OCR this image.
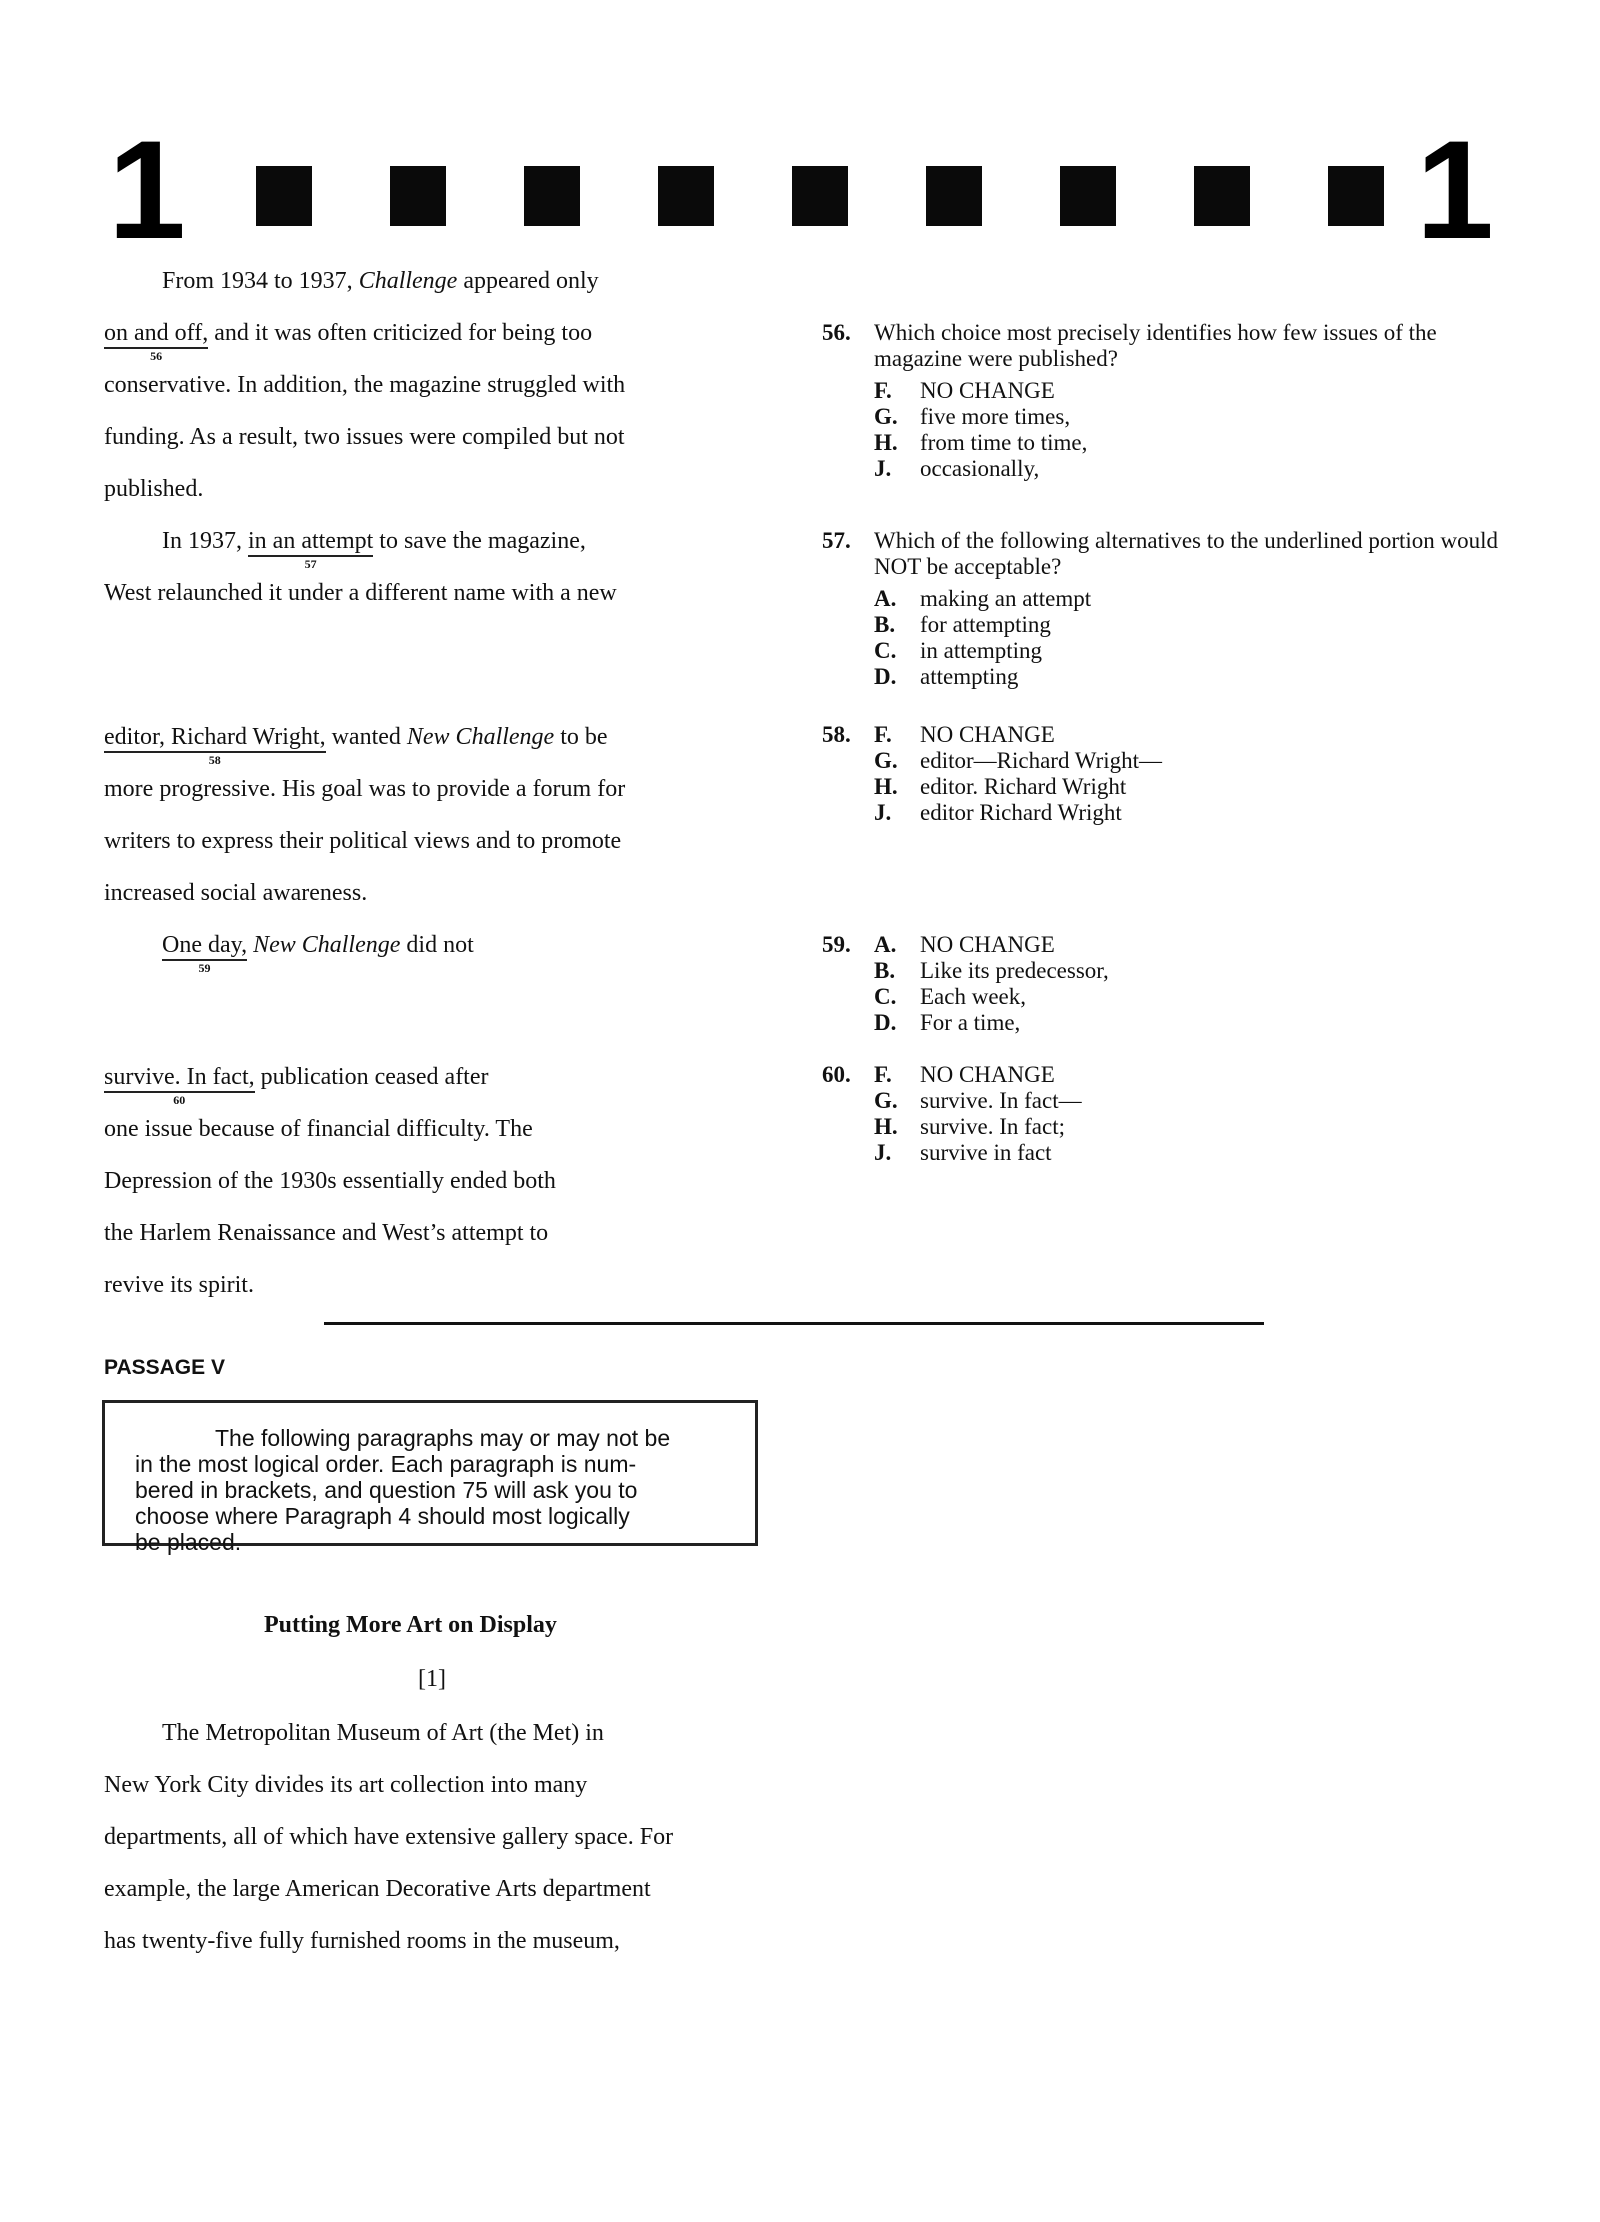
1	1
From 1934 to 1937, Challenge appeared only
on and off,
56
and it was often criticized for being too
conservative. In addition, the magazine struggled with
funding. As a result, two issues were compiled but not
published.
In 1937, in an attempt
57
to save the magazine,
West relaunched it under a different name with a new
editor, Richard Wright,
58
wanted New Challenge to be
more progressive. His goal was to provide a forum for
writers to express their political views and to promote
increased social awareness.
One day,
59
New Challenge did not
survive. In fact,
60
publication ceased after
one issue because of financial difficulty. The
Depression of the 1930s essentially ended both
the Harlem Renaissance and West’s attempt to
revive its spirit.
56. Which choice most precisely identifies how few issues of the magazine were published?
F.	NO CHANGE
G. five more times,
H. from time to time,
J.	occasionally,
57. Which of the following alternatives to the underlined portion would NOT be acceptable?
A.	making an attempt
B.	for attempting
C.	in attempting
D.	attempting
58. F.	NO CHANGE
G. editor—Richard Wright—
H. editor. Richard Wright
J.	editor Richard Wright
59. A.	NO CHANGE
B.	Like its predecessor,
C.	Each week,
D.	For a time,
60. F.	NO CHANGE
G. survive. In fact—
H. survive. In fact;
J.	survive in fact
PASSAGE V
The following paragraphs may or may not be
in the most logical order. Each paragraph is num-
bered in brackets, and question 75 will ask you to
choose where Paragraph 4 should most logically
be placed.
Putting More Art on Display
[1]
The Metropolitan Museum of Art (the Met) in
New York City divides its art collection into many
departments, all of which have extensive gallery space. For
example, the large American Decorative Arts department
has twenty-five fully furnished rooms in the museum,
